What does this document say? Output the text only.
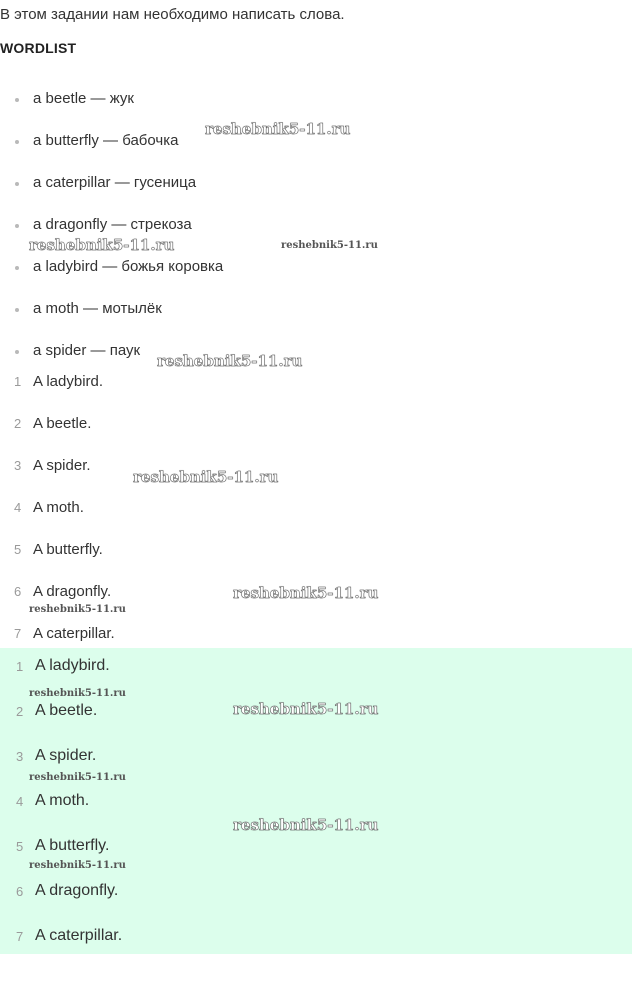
В этом задании нам необходимо написать слова.
WORDLIST
a beetle — жук
a butterfly — бабочка
a caterpillar — гусеница
a dragonfly — стрекоза
a ladybird — божья коровка
a moth — мотылёк
a spider — паук
1 A ladybird.
2 A beetle.
3 A spider.
4 A moth.
5 A butterfly.
6 A dragonfly.
7 A caterpillar.
1 A ladybird.
2 A beetle.
3 A spider.
4 A moth.
5 A butterfly.
6 A dragonfly.
7 A caterpillar.
reshebnik5-11.ru
reshebnik5-11.ru	reshebnik5-11.ru
reshebnik5-11.ru
reshebnik5-11.ru
reshebnik5-11.ru
reshebnik5-11.ru
reshebnik5-11.ru
reshebnik5-11.ru
reshebnik5-11.ru
reshebnik5-11.ru
reshebnik5-11.ru
